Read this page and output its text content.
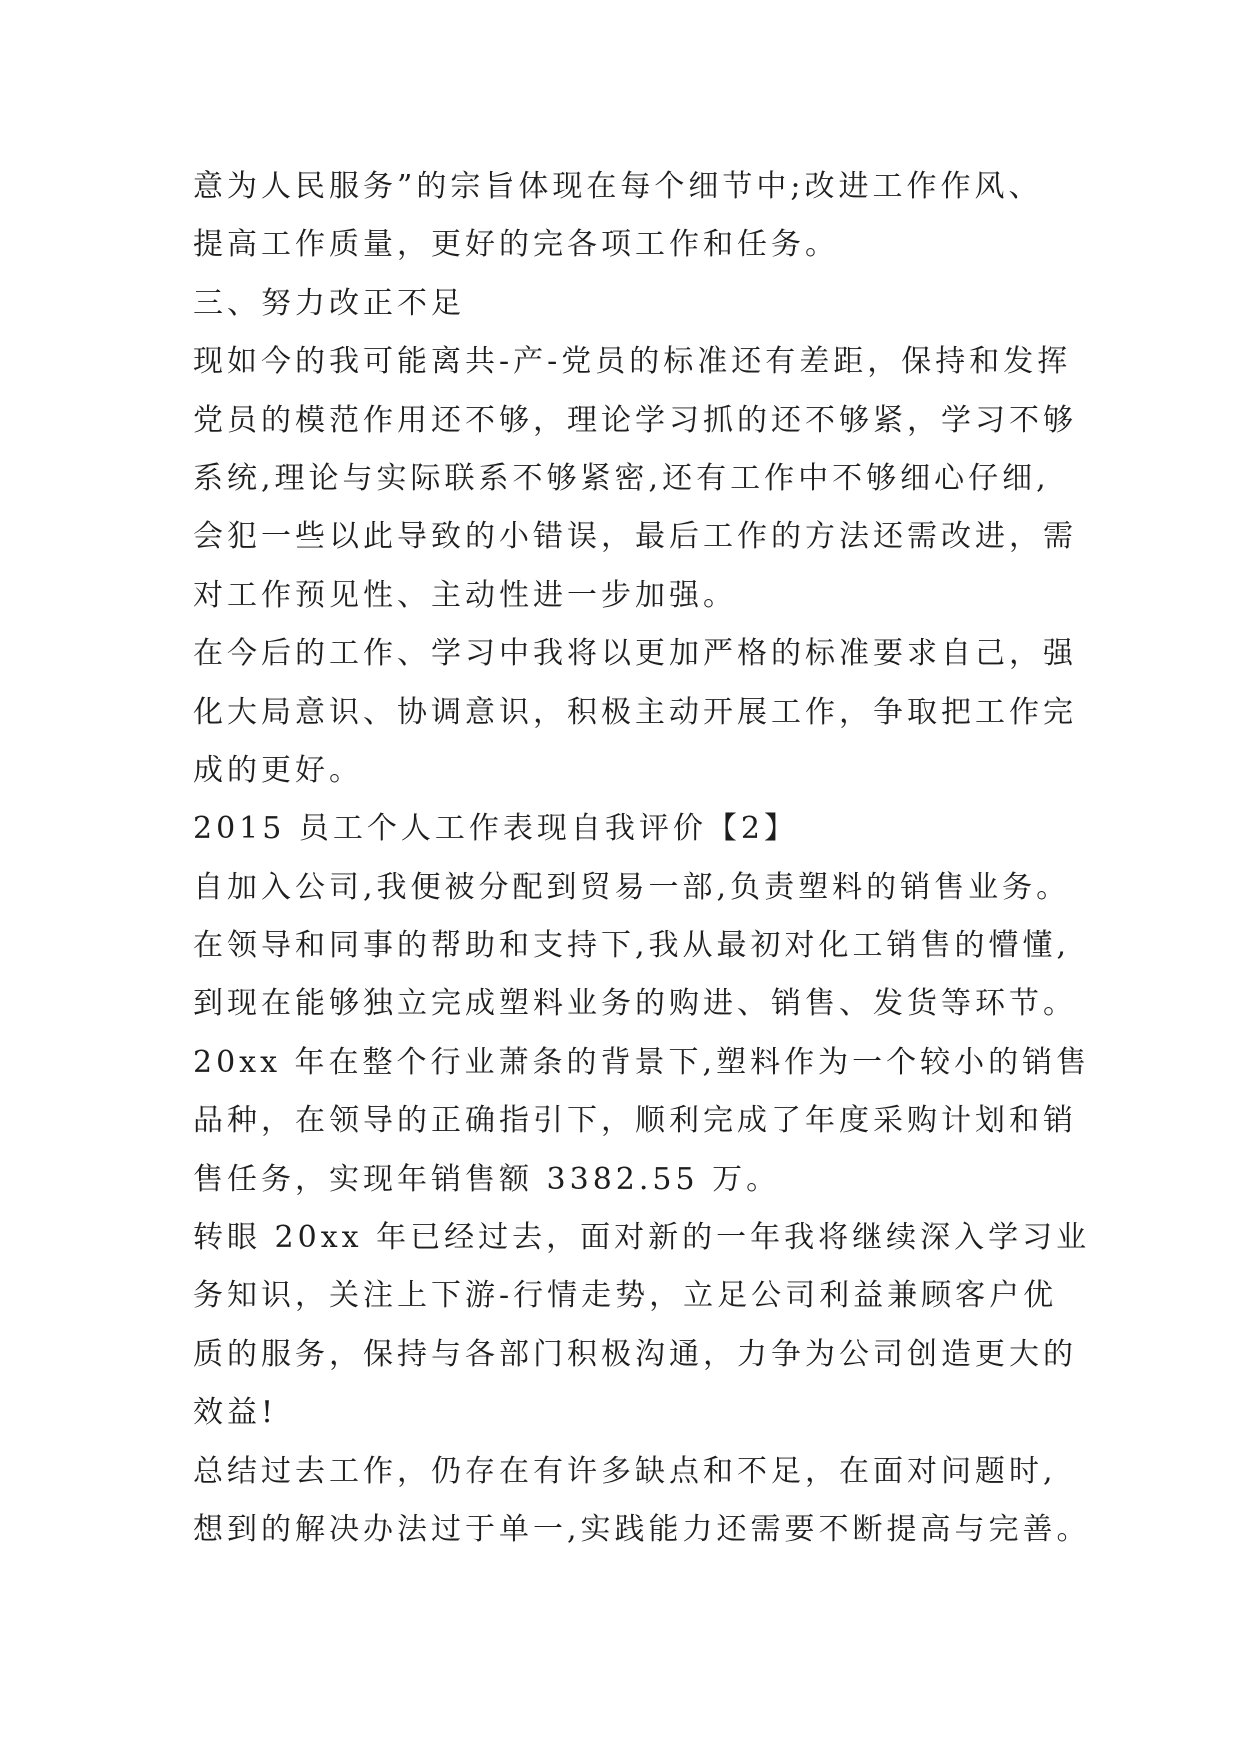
意为人民服务”的宗旨体现在每个细节中;改进工作作风、
提高工作质量，更好的完各项工作和任务。
三、努力改正不足
现如今的我可能离共-产-党员的标准还有差距，保持和发挥
党员的模范作用还不够，理论学习抓的还不够紧，学习不够
系统,理论与实际联系不够紧密,还有工作中不够细心仔细,
会犯一些以此导致的小错误，最后工作的方法还需改进，需
对工作预见性、主动性进一步加强。
在今后的工作、学习中我将以更加严格的标准要求自己，强
化大局意识、协调意识，积极主动开展工作，争取把工作完
成的更好。
2015 员工个人工作表现自我评价【2】
自加入公司,我便被分配到贸易一部,负责塑料的销售业务。
在领导和同事的帮助和支持下,我从最初对化工销售的懵懂,
到现在能够独立完成塑料业务的购进、销售、发货等环节。
20xx 年在整个行业萧条的背景下,塑料作为一个较小的销售
品种，在领导的正确指引下，顺利完成了年度采购计划和销
售任务，实现年销售额 3382.55 万。
转眼 20xx 年已经过去，面对新的一年我将继续深入学习业
务知识，关注上下游-行情走势，立足公司利益兼顾客户优
质的服务，保持与各部门积极沟通，力争为公司创造更大的
效益!
总结过去工作，仍存在有许多缺点和不足，在面对问题时,
想到的解决办法过于单一,实践能力还需要不断提高与完善。
